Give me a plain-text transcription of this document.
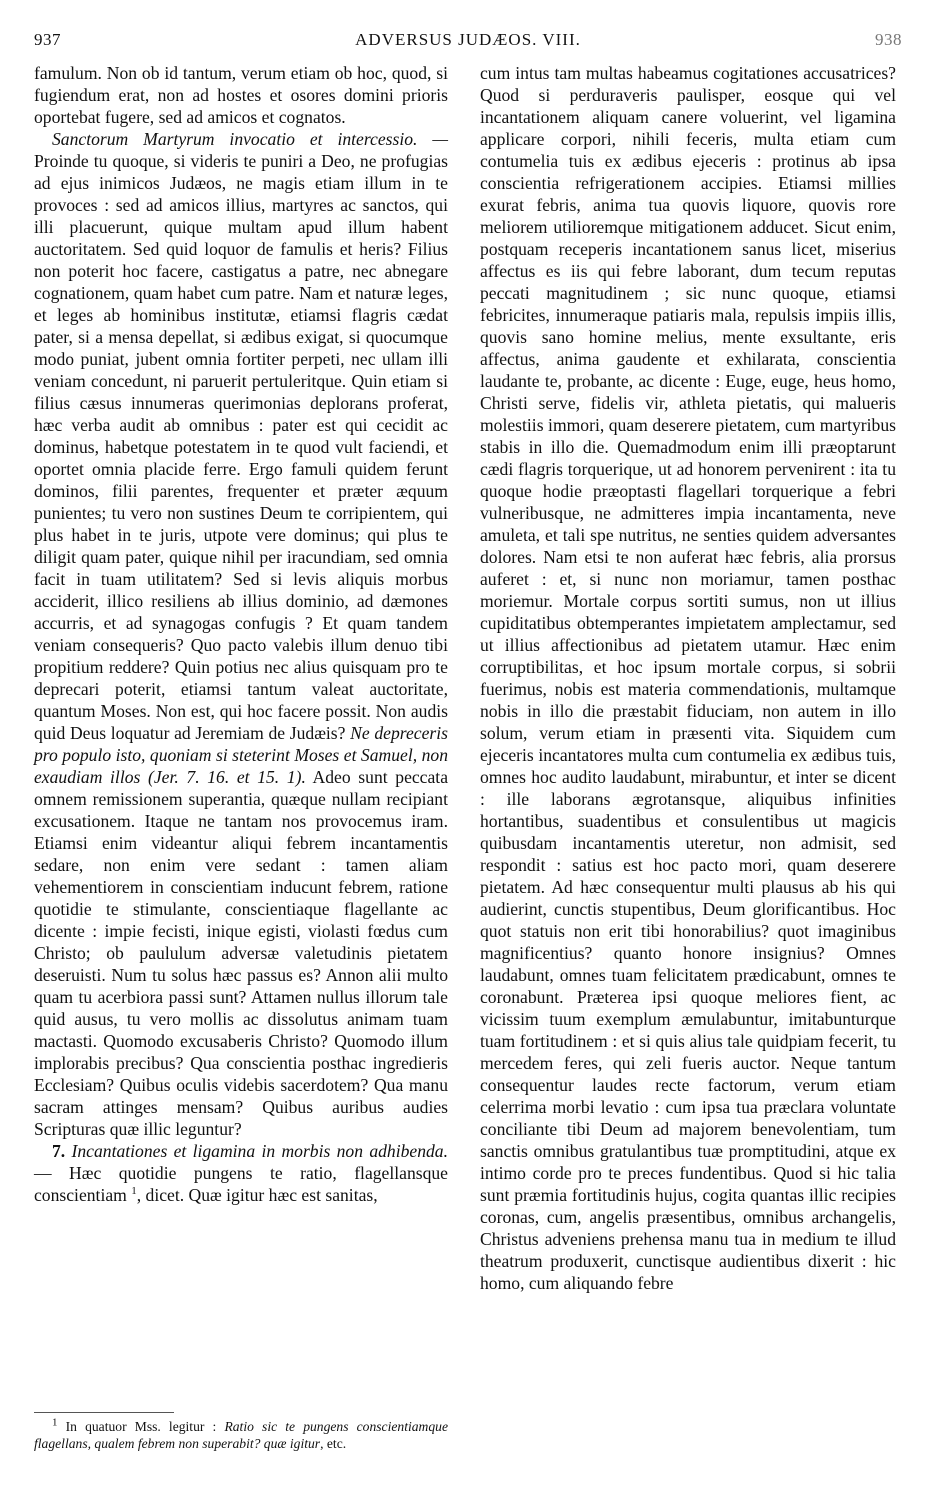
937	ADVERSUS JUDÆOS. VIII.	938

famulum. Non ob id tantum, verum etiam ob hoc, quod, si fugiendum erat, non ad hostes et osores domini prioris oportebat fugere, sed ad amicos et cognatos.

Sanctorum Martyrum invocatio et intercessio. — Proinde tu quoque, si videris te puniri a Deo, ne profugias ad ejus inimicos Judæos, ne magis etiam illum in te provoces : sed ad amicos illius, martyres ac sanctos, qui illi placuerunt, quique multam apud illum habent auctoritatem. Sed quid loquor de famulis et heris? Filius non poterit hoc facere, castigatus a patre, nec abnegare cognationem, quam habet cum patre. Nam et naturæ leges, et leges ab hominibus institutæ, etiamsi flagris cædat pater, si a mensa depellat, si ædibus exigat, si quocumque modo puniat, jubent omnia fortiter perpeti, nec ullam illi veniam concedunt, ni paruerit pertuleritque. Quin etiam si filius cæsus innumeras querimonias deplorans proferat, hæc verba audit ab omnibus : pater est qui cecidit ac dominus, habetque potestatem in te quod vult faciendi, et oportet omnia placide ferre. Ergo famuli quidem ferunt dominos, filii parentes, frequenter et præter æquum punientes; tu vero non sustines Deum te corripientem, qui plus habet in te juris, utpote vere dominus; qui plus te diligit quam pater, quique nihil per iracundiam, sed omnia facit in tuam utilitatem? Sed si levis aliquis morbus acciderit, illico resiliens ab illius dominio, ad dæmones accurris, et ad synagogas confugis ? Et quam tandem veniam consequeris? Quo pacto valebis illum denuo tibi propitium reddere? Quin potius nec alius quisquam pro te deprecari poterit, etiamsi tantum valeat auctoritate, quantum Moses. Non est, qui hoc facere possit. Non audis quid Deus loquatur ad Jeremiam de Judæis? Ne depreceris pro populo isto, quoniam si steterint Moses et Samuel, non exaudiam illos (Jer. 7. 16. et 15. 1). Adeo sunt peccata omnem remissionem superantia, quæque nullam recipiant excusationem. Itaque ne tantam nos provocemus iram. Etiamsi enim videantur aliqui febrem incantamentis sedare, non enim vere sedant : tamen aliam vehementiorem in conscientiam inducunt febrem, ratione quotidie te stimulante, conscientiaque flagellante ac dicente : impie fecisti, inique egisti, violasti fœdus cum Christo; ob paululum adversæ valetudinis pietatem deseruisti. Num tu solus hæc passus es? Annon alii multo quam tu acerbiora passi sunt? Attamen nullus illorum tale quid ausus, tu vero mollis ac dissolutus animam tuam mactasti. Quomodo excusaberis Christo? Quomodo illum implorabis precibus? Qua conscientia posthac ingredieris Ecclesiam? Quibus oculis videbis sacerdotem? Qua manu sacram attinges mensam? Quibus auribus audies Scripturas quæ illic leguntur?

7. Incantationes et ligamina in morbis non adhibenda. — Hæc quotidie pungens te ratio, flagellansque conscientiam $^1$, dicet. Quæ igitur hæc est sanitas,

cum intus tam multas habeamus cogitationes accusatrices? Quod si perduraveris paulisper, eosque qui vel incantationem aliquam canere voluerint, vel ligamina applicare corpori, nihili feceris, multa etiam cum contumelia tuis ex ædibus ejeceris : protinus ab ipsa conscientia refrigerationem accipies. Etiamsi millies exurat febris, anima tua quovis liquore, quovis rore meliorem utilioremque mitigationem adducet. Sicut enim, postquam receperis incantationem sanus licet, miserius affectus es iis qui febre laborant, dum tecum reputas peccati magnitudinem ; sic nunc quoque, etiamsi febricites, innumeraque patiaris mala, repulsis impiis illis, quovis sano homine melius, mente exsultante, eris affectus, anima gaudente et exhilarata, conscientia laudante te, probante, ac dicente : Euge, euge, heus homo, Christi serve, fidelis vir, athleta pietatis, qui malueris molestiis immori, quam deserere pietatem, cum martyribus stabis in illo die. Quemadmodum enim illi præoptarunt cædi flagris torquerique, ut ad honorem pervenirent : ita tu quoque hodie præoptasti flagellari torquerique a febri vulneribusque, ne admitteres impia incantamenta, neve amuleta, et tali spe nutritus, ne senties quidem adversantes dolores. Nam etsi te non auferat hæc febris, alia prorsus auferet : et, si nunc non moriamur, tamen posthac moriemur. Mortale corpus sortiti sumus, non ut illius cupiditatibus obtemperantes impietatem amplectamur, sed ut illius affectionibus ad pietatem utamur. Hæc enim corruptibilitas, et hoc ipsum mortale corpus, si sobrii fuerimus, nobis est materia commendationis, multamque nobis in illo die præstabit fiduciam, non autem in illo solum, verum etiam in præsenti vita. Siquidem cum ejeceris incantatores multa cum contumelia ex ædibus tuis, omnes hoc audito laudabunt, mirabuntur, et inter se dicent : ille laborans ægrotansque, aliquibus infinities hortantibus, suadentibus et consulentibus ut magicis quibusdam incantamentis uteretur, non admisit, sed respondit : satius est hoc pacto mori, quam deserere pietatem. Ad hæc consequentur multi plausus ab his qui audierint, cunctis stupentibus, Deum glorificantibus. Hoc quot statuis non erit tibi honorabilius? quot imaginibus magnificentius? quanto honore insignius? Omnes laudabunt, omnes tuam felicitatem prædicabunt, omnes te coronabunt. Præterea ipsi quoque meliores fient, ac vicissim tuum exemplum æmulabuntur, imitabunturque tuam fortitudinem : et si quis alius tale quidpiam fecerit, tu mercedem feres, qui zeli fueris auctor. Neque tantum consequentur laudes recte factorum, verum etiam celerrima morbi levatio : cum ipsa tua præclara voluntate conciliante tibi Deum ad majorem benevolentiam, tum sanctis omnibus gratulantibus tuæ promptitudini, atque ex intimo corde pro te preces fundentibus. Quod si hic talia sunt præmia fortitudinis hujus, cogita quantas illic recipies coronas, cum, angelis præsentibus, omnibus archangelis, Christus adveniens prehensa manu tua in medium te illud theatrum produxerit, cunctisque audientibus dixerit : hic homo, cum aliquando febre

$^1$ In quatuor Mss. legitur : Ratio sic te pungens conscientiamque flagellans, qualem febrem non superabit? quæ igitur, etc.
